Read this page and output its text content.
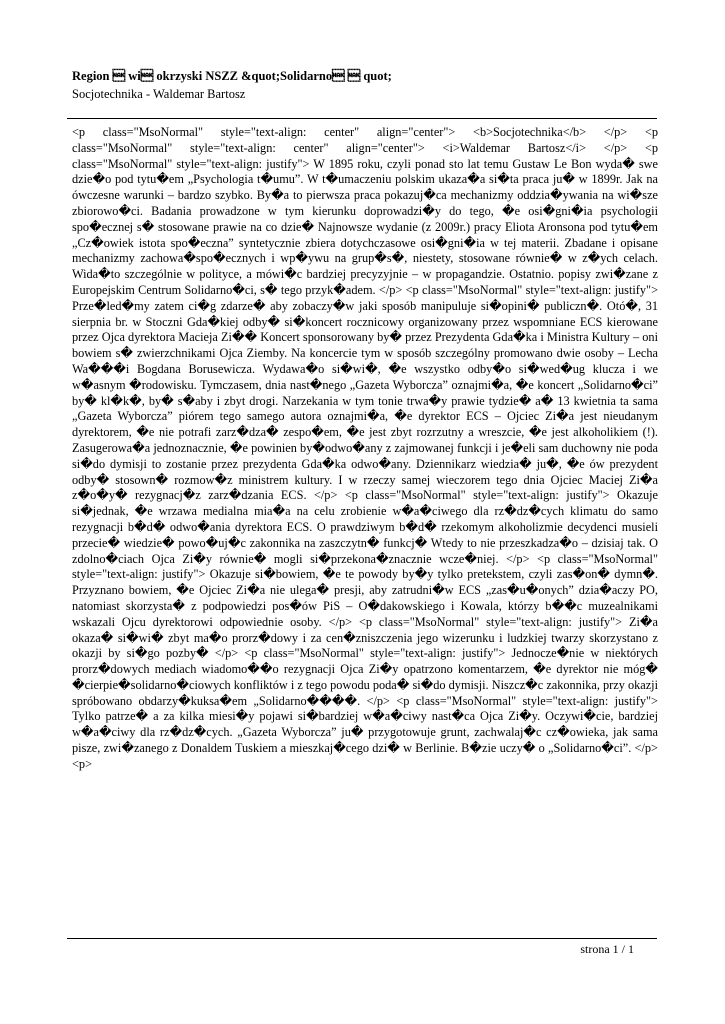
Region  wi okrzyski NSZZ &quot;Solidarno  quot;

Socjotechnika - Waldemar Bartosz

<p class="MsoNormal" style="text-align: center" align="center"> <b>Socjotechnika</b> </p> <p class="MsoNormal" style="text-align: center" align="center"> <i>Waldemar Bartosz</i> </p> <p class="MsoNormal" style="text-align: justify"> W 1895 roku, czyli ponad sto lat temu Gustaw Le Bon wyda� swe dzie�o pod tytu�em „Psychologia t�umu”. W t�umaczeniu polskim ukaza�a si�ta praca ju� w 1899r. Jak na ówczesne warunki – bardzo szybko. By�a to pierwsza praca pokazuj�ca mechanizmy oddzia�ywania na wi�sze zbiorowo�ci. Badania prowadzone w tym kierunku doprowadzi�y do tego, �e osi�gni�ia psychologii spo�ecznej s� stosowane prawie na co dzie� Najnowsze wydanie (z 2009r.) pracy Eliota Aronsona pod tytu�em „Cz�owiek istota spo�eczna” syntetycznie zbiera dotychczasowe osi�gni�ia w tej materii. Zbadane i opisane mechanizmy zachowa�spo�ecznych i wp�ywu na grup�s�, niestety, stosowane równie� w z�ych celach. Wida�to szczególnie w polityce, a mówi�c bardziej precyzyjnie – w propagandzie. Ostatnio. popisy zwi�zane z Europejskim Centrum Solidarno�ci, s� tego przyk�adem. </p> <p class="MsoNormal" style="text-align: justify"> Prze�led�my zatem ci�g zdarze� aby zobaczy�w jaki sposób manipuluje si�opini� publiczn�. Otó�, 31 sierpnia br. w Stoczni Gda�kiej odby� si�koncert rocznicowy organizowany przez wspomniane ECS kierowane przez Ojca dyrektora Macieja Zi�� Koncert sponsorowany by� przez Prezydenta Gda�ka i Ministra Kultury – oni bowiem s� zwierzchnikami Ojca Ziemby. Na koncercie tym w sposób szczególny promowano dwie osoby – Lecha Wa���i Bogdana Borusewicza. Wydawa�o si�wi�, �e wszystko odby�o si�wed�ug klucza i we w�asnym �rodowisku. Tymczasem, dnia nast�nego „Gazeta Wyborcza” oznajmi�a, �e koncert „Solidarno�ci” by� kl�k�, by� s�aby i zbyt drogi. Narzekania w tym tonie trwa�y prawie tydzie� a� 13 kwietnia ta sama „Gazeta Wyborcza” piórem tego samego autora oznajmi�a, �e dyrektor ECS – Ojciec Zi�a jest nieudanym dyrektorem, �e nie potrafi zarz�dza� zespo�em, �e jest zbyt rozrzutny a wreszcie, �e jest alkoholikiem (!). Zasugerowa�a jednoznacznie, �e powinien by�odwo�any z zajmowanej funkcji i je�eli sam duchowny nie poda si�do dymisji to zostanie przez prezydenta Gda�ka odwo�any. Dziennikarz wiedzia� ju�, �e ów prezydent odby� stosown� rozmow�z ministrem kultury. I w rzeczy samej wieczorem tego dnia Ojciec Maciej Zi�a z�o�y� rezygnacj�z zarz�dzania ECS. </p> <p class="MsoNormal" style="text-align: justify"> Okazuje si�jednak, �e wrzawa medialna mia�a na celu zrobienie w�a�ciwego dla rz�dz�cych klimatu do samo rezygnacji b�d� odwo�ania dyrektora ECS. O prawdziwym b�d� rzekomym alkoholizmie decydenci musieli przecie� wiedzie� powo�uj�c zakonnika na zaszczytn� funkcj� Wtedy to nie przeszkadza�o – dzisiaj tak. O zdolno�ciach Ojca Zi�y równie� mogli si�przekona�znacznie wcze�niej. </p> <p class="MsoNormal" style="text-align: justify"> Okazuje si�bowiem, �e te powody by�y tylko pretekstem, czyli zas�on� dymn�. Przyznano bowiem, �e Ojciec Zi�a nie ulega� presji, aby zatrudni�w ECS „zas�u�onych” dzia�aczy PO, natomiast skorzysta� z podpowiedzi pos�ów PiS – O�dakowskiego i Kowala, którzy b��c muzealnikami wskazali Ojcu dyrektorowi odpowiednie osoby. </p> <p class="MsoNormal" style="text-align: justify"> Zi�a okaza� si�wi� zbyt ma�o prorz�dowy i za cen�zniszczenia jego wizerunku i ludzkiej twarzy skorzystano z okazji by si�go pozby� </p> <p class="MsoNormal" style="text-align: justify"> Jednocze�nie w niektórych prorz�dowych mediach wiadomo��o rezygnacji Ojca Zi�y opatrzono komentarzem, �e dyrektor nie móg� �cierpie�solidarno�ciowych konfliktów i z tego powodu poda� si�do dymisji. Niszcz�c zakonnika, przy okazji spróbowano obdarzy�kuksa�em „Solidarno����. </p> <p class="MsoNormal" style="text-align: justify"> Tylko patrze� a za kilka miesi�y pojawi si�bardziej w�a�ciwy nast�ca Ojca Zi�y. Oczywi�cie, bardziej w�a�ciwy dla rz�dz�cych. „Gazeta Wyborcza” ju� przygotowuje grunt, zachwalaj�c cz�owieka, jak sama pisze, zwi�zanego z Donaldem Tuskiem a mieszkaj�cego dzi� w Berlinie. B�zie uczy� o „Solidarno�ci”. </p> <p>

strona 1 / 1
